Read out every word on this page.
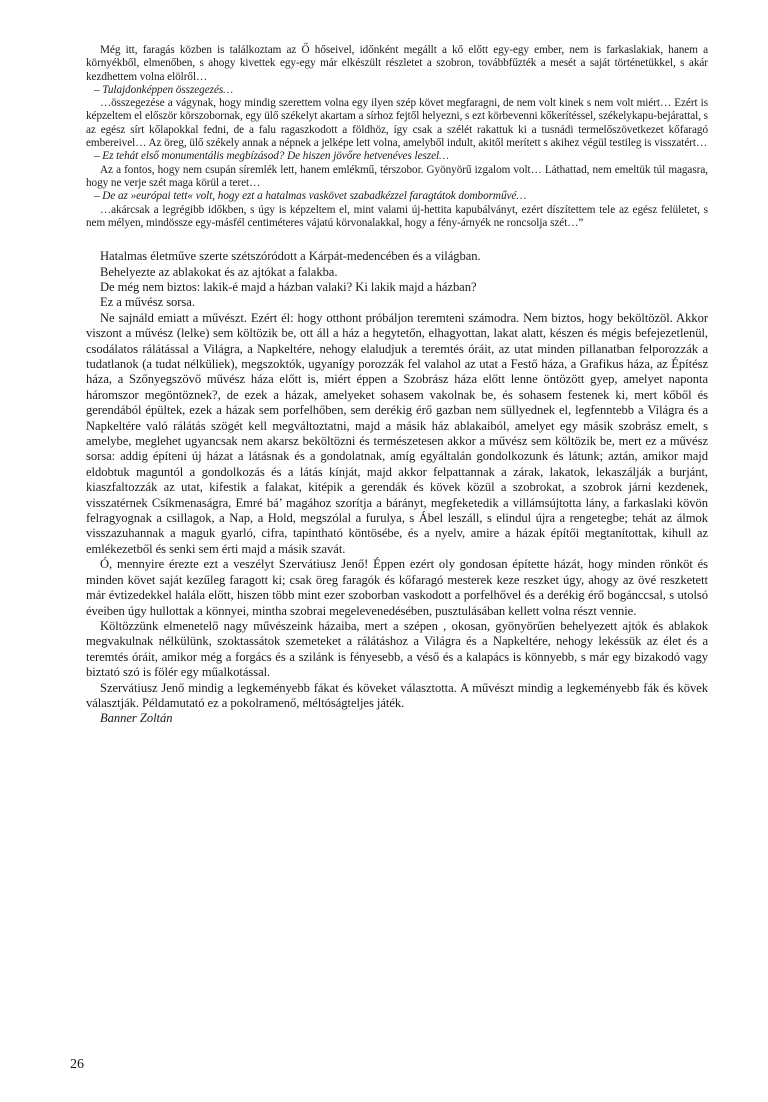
Még itt, faragás közben is találkoztam az Ő hőseivel, időnként megállt a kő előtt egy-egy ember, nem is farkaslakiak, hanem a környékből, elmenőben, s ahogy kivettek egy-egy már elkészült részletet a szobron, továbbfűzték a mesét a saját történetükkel, s akár kezdhettem volna elölről…

– Tulajdonképpen összegezés…

…összegezése a vágynak, hogy mindig szerettem volna egy ilyen szép követ megfaragni, de nem volt kinek s nem volt miért… Ezért is képzeltem el először körszobornak, egy ülő székelyt akartam a sírhoz fejtől helyezni, s ezt körbevenni kőkerítéssel, székelykapu-bejárattal, s az egész sírt kőlapokkal fedni, de a falu ragaszkodott a földhöz, így csak a szélét rakattuk ki a tusnádi termelőszövetkezet kőfaragó embereivel… Az öreg, ülő székely annak a népnek a jelképe lett volna, amelyből indult, akitől merített s akihez végül testileg is visszatért…

– Ez tehát első monumentális megbízásod? De hiszen jövőre hetvenéves leszel…

Az a fontos, hogy nem csupán síremlék lett, hanem emlékmű, térszobor. Gyönyörű izgalom volt… Láthattad, nem emeltük túl magasra, hogy ne verje szét maga körül a teret…

– De az »európai tett« volt, hogy ezt a hatalmas vaskövet szabadkézzel faragtátok domborművé…

…akárcsak a legrégibb időkben, s úgy is képzeltem el, mint valami új-hettita kapubálványt, ezért díszítettem tele az egész felületet, s nem mélyen, mindössze egy-másfél centiméteres vájatú körvonalakkal, hogy a fény-árnyék ne roncsolja szét…”

Hatalmas életműve szerte szétszóródott a Kárpát-medencében és a világban.

Behelyezte az ablakokat és az ajtókat a falakba.

De még nem biztos: lakik-é majd a házban valaki? Ki lakik majd a házban?

Ez a művész sorsa.

Ne sajnáld emiatt a művészt. Ezért él: hogy otthont próbáljon teremteni számodra. Nem biztos, hogy beköltözöl. Akkor viszont a művész (lelke) sem költözik be, ott áll a ház a hegytetőn, elhagyottan, lakat alatt, készen és mégis befejezetlenül, csodálatos rálátással a Világra, a Napkeltére, nehogy elaludjuk a teremtés óráit, az utat minden pillanatban felporozzák a tudatlanok (a tudat nélküliek), megszoktók, ugyanígy porozzák fel valahol az utat a Festő háza, a Grafikus háza, az Építész háza, a Szőnyegszövő művész háza előtt is, miért éppen a Szobrász háza előtt lenne öntözött gyep, amelyet naponta háromszor megöntöznek?, de ezek a házak, amelyeket sohasem vakolnak be, és sohasem festenek ki, mert kőből és gerendából épültek, ezek a házak sem porfelhőben, sem derékig érő gazban nem süllyednek el, legfenntebb a Világra és a Napkeltére való rálátás szögét kell megváltoztatni, majd a másik ház ablakaiból, amelyet egy másik szobrász emelt, s amelybe, meglehet ugyancsak nem akarsz beköltözni és természetesen akkor a művész sem költözik be, mert ez a művész sorsa: addig építeni új házat a látásnak és a gondolatnak, amíg egyáltalán gondolkozunk és látunk; aztán, amikor majd eldobtuk maguntól a gondolkozás és a látás kínját, majd akkor felpattannak a zárak, lakatok, lekaszálják a burjánt, kiaszfaltozzák az utat, kifestik a falakat, kitépik a gerendák és kövek közül a szobrokat, a szobrok járni kezdenek, visszatérnek Csíkmenaságra, Emré bá’ magához szorítja a bárányt, megfeketedik a villámsújtotta lány, a farkaslaki kövön felragyognak a csillagok, a Nap, a Hold, megszólal a furulya, s Ábel leszáll, s elindul újra a rengetegbe; tehát az álmok visszazuhannak a maguk gyarló, cifra, tapintható köntösébe, és a nyelv, amire a házak építői megtanítottak, kihull az emlékezetből és senki sem érti majd a másik szavát.

Ó, mennyire érezte ezt a veszélyt Szervátiusz Jenő! Éppen ezért oly gondosan építette házát, hogy minden rönköt és minden követ saját kezűleg faragott ki; csak öreg faragók és kőfaragó mesterek keze reszket úgy, ahogy az övé reszketett már évtizedekkel halála előtt, hiszen több mint ezer szoborban vaskodott a porfelhővel és a derékig érő bogánccsal, s utolsó éveiben úgy hullottak a könnyei, mintha szobrai megelevenedésében, pusztulásában kellett volna részt vennie.

Költözzünk elmenetelő nagy művészeink házaiba, mert a szépen , okosan, gyönyörűen behelyezett ajtók és ablakok megvakulnak nélkülünk, szoktassátok szemeteket a rálátáshoz a Világra és a Napkeltére, nehogy lekéssük az élet és a teremtés óráit, amikor még a forgács és a szilánk is fényesebb, a véső és a kalapács is könnyebb, s már egy bizakodó vagy biztató szó is fölér egy műalkotással.

Szervátiusz Jenő mindig a legkeményebb fákat és köveket választotta. A művészt mindig a legkeményebb fák és kövek választják. Példamutató ez a pokolramenő, méltóságteljes játék.

Banner Zoltán

26
